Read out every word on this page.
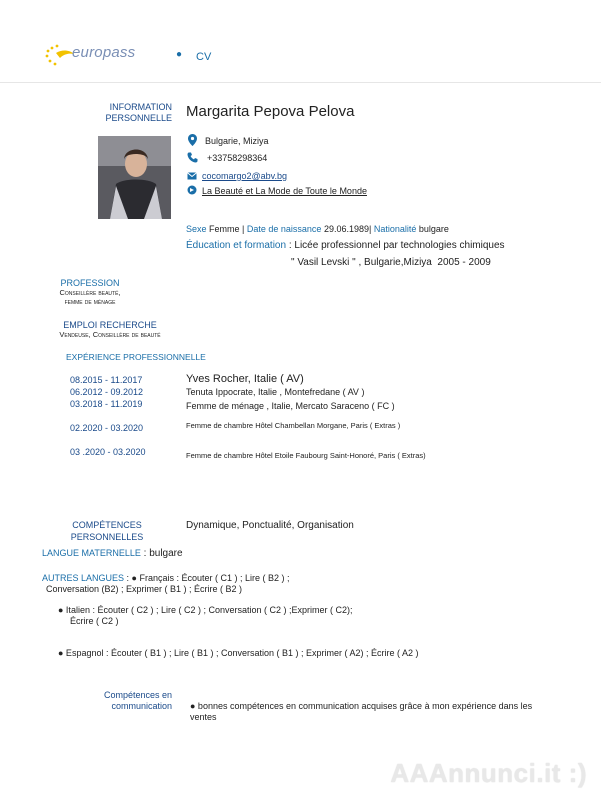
europass	● CV
INFORMATION
PERSONNELLE Margarita Pepova Pelova
Bulgarie, Miziya
+33758298364
cocomargo2@abv.bg
La Beauté et La Mode de Toute le Monde
Sexe Femme | Date de naissance 29.06.1989| Nationalité bulgare
Éducation et formation : Licée professionnel par technologies chimiques
" Vasil Levski " , Bulgarie,Miziya  2005 - 2009
PROFESSION
Conseillère beauté,
femme de ménage
EMPLOI RECHERCHE
Vendeuse, Conseillère de beauté
EXPÉRIENCE PROFESSIONNELLE
08.2015 - 11.2017	Yves Rocher, Italie ( AV)
06.2012 - 09.2012	Tenuta Ippocrate, Italie , Montefredane ( AV )
03.2018 - 11.2019	Femme de ménage , Italie, Mercato Saraceno ( FC )
02.2020 - 03.2020	Femme de chambre Hôtel Chambellan Morgane, Paris ( Extras )
03 .2020 - 03.2020	Femme de chambre Hôtel Etoile Faubourg Saint-Honoré, Paris ( Extras)
COMPÉTENCES
PERSONNELLES
Dynamique, Ponctualité, Organisation
LANGUE MATERNELLE : bulgare
AUTRES LANGUES : ● Français : Écouter ( C1 ) ; Lire ( B2 ) ;
Conversation (B2) ; Exprimer ( B1 ) ; Écrire ( B2 )
● Italien : Écouter ( C2 ) ; Lire ( C2 ) ; Conversation ( C2 ) ;Exprimer ( C2);
Écrire ( C2 )
● Espagnol : Écouter ( B1 ) ; Lire ( B1 ) ; Conversation ( B1 ) ; Exprimer ( A2) ; Écrire ( A2 )
Compétences en
communication ● bonnes compétences en communication acquises grâce à mon expérience dans les
ventes
AAAnnunci.it :)
